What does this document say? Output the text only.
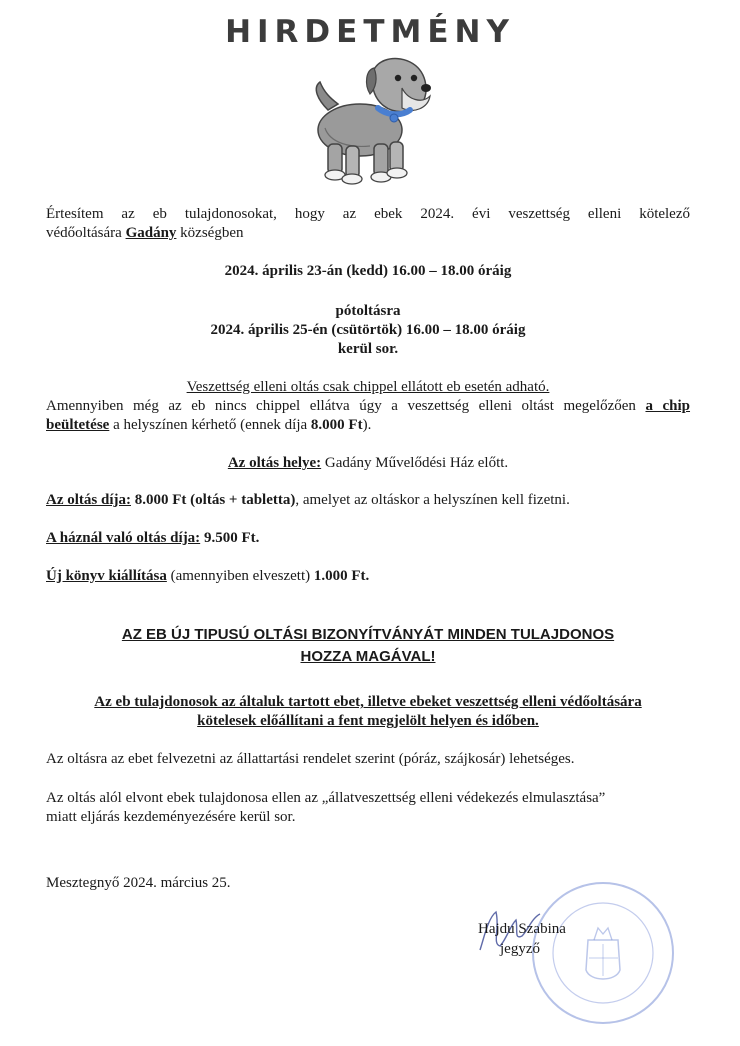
HIRDETMÉNY
Értesítem az eb tulajdonosokat, hogy az ebek 2024. évi veszettség elleni kötelező
védőoltására Gadány községben
2024. április 23-án (kedd) 16.00 – 18.00 óráig
pótoltásra
2024. április 25-én (csütörtök) 16.00 – 18.00 óráig
kerül sor.
Veszettség elleni oltás csak chippel ellátott eb esetén adható.
Amennyiben még az eb nincs chippel ellátva úgy a veszettség elleni oltást megelőzően a chip
beültetése a helyszínen kérhető (ennek díja 8.000 Ft).
Az oltás helye: Gadány Művelődési Ház előtt.
Az oltás díja: 8.000 Ft (oltás + tabletta), amelyet az oltáskor a helyszínen kell fizetni.
A háznál való oltás díja: 9.500 Ft.
Új könyv kiállítása (amennyiben elveszett) 1.000 Ft.
AZ EB ÚJ TIPUSÚ OLTÁSI BIZONYÍTVÁNYÁT MINDEN TULAJDONOS
HOZZA MAGÁVAL!
Az eb tulajdonosok az általuk tartott ebet, illetve ebeket veszettség elleni védőoltására
kötelesek előállítani a fent megjelölt helyen és időben.
Az oltásra az ebet felvezetni az állattartási rendelet szerint (póráz, szájkosár) lehetséges.
Az oltás alól elvont ebek tulajdonosa ellen az „állatveszettség elleni védekezés elmulasztása”
miatt eljárás kezdeményezésére kerül sor.
Mesztegnyő 2024. március 25.
Hajdu Szabina
jegyző
